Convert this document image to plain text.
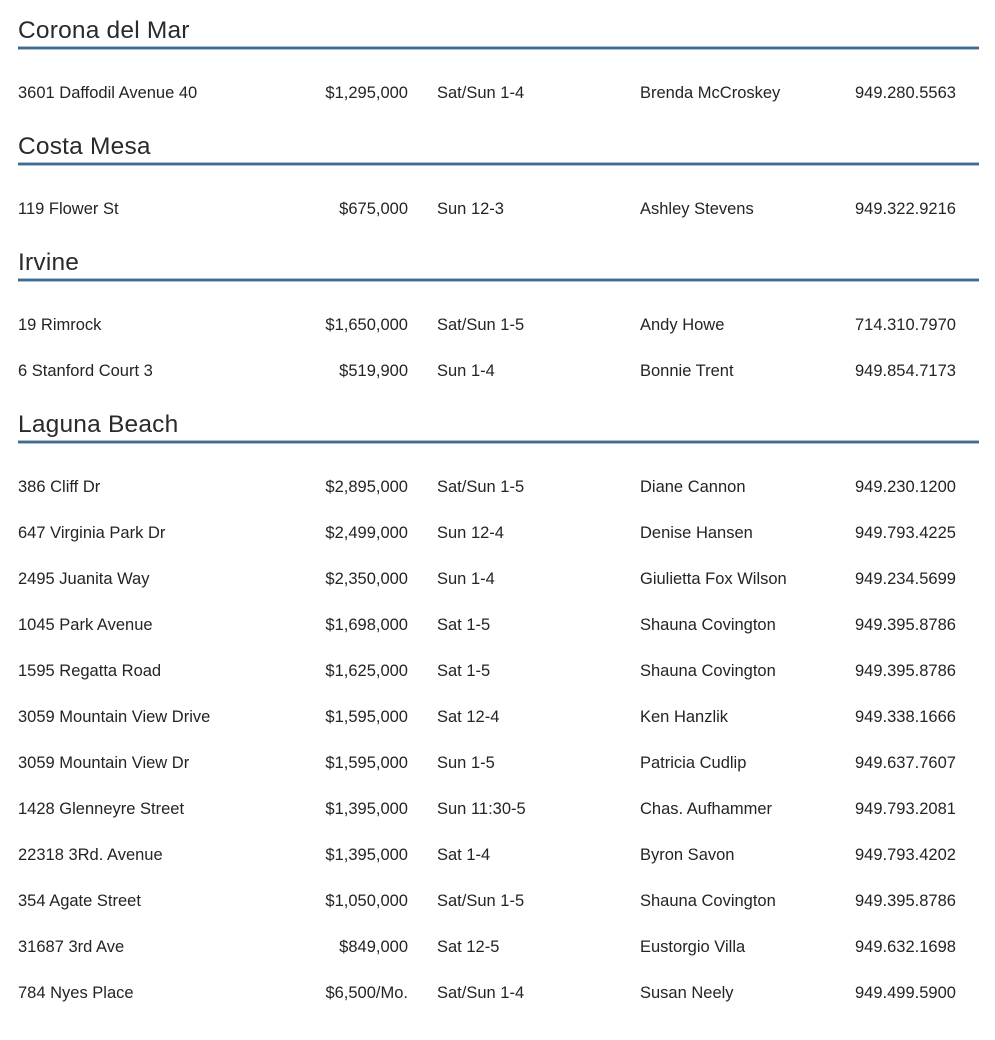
Corona del Mar
3601 Daffodil Avenue 40	$1,295,000	Sat/Sun 1-4	Brenda McCroskey	949.280.5563
Costa Mesa
119 Flower St	$675,000	Sun 12-3	Ashley Stevens	949.322.9216
Irvine
19 Rimrock	$1,650,000	Sat/Sun 1-5	Andy Howe	714.310.7970
6 Stanford Court 3	$519,900	Sun 1-4	Bonnie Trent	949.854.7173
Laguna Beach
386 Cliff Dr	$2,895,000	Sat/Sun 1-5	Diane Cannon	949.230.1200
647 Virginia Park Dr	$2,499,000	Sun 12-4	Denise Hansen	949.793.4225
2495 Juanita Way	$2,350,000	Sun 1-4	Giulietta Fox Wilson	949.234.5699
1045 Park Avenue	$1,698,000	Sat 1-5	Shauna Covington	949.395.8786
1595 Regatta Road	$1,625,000	Sat 1-5	Shauna Covington	949.395.8786
3059 Mountain View Drive	$1,595,000	Sat 12-4	Ken Hanzlik	949.338.1666
3059 Mountain View Dr	$1,595,000	Sun 1-5	Patricia Cudlip	949.637.7607
1428 Glenneyre Street	$1,395,000	Sun 11:30-5	Chas. Aufhammer	949.793.2081
22318 3Rd. Avenue	$1,395,000	Sat 1-4	Byron Savon	949.793.4202
354 Agate Street	$1,050,000	Sat/Sun 1-5	Shauna Covington	949.395.8786
31687 3rd Ave	$849,000	Sat 12-5	Eustorgio Villa	949.632.1698
784 Nyes Place	$6,500/Mo.	Sat/Sun 1-4	Susan Neely	949.499.5900
